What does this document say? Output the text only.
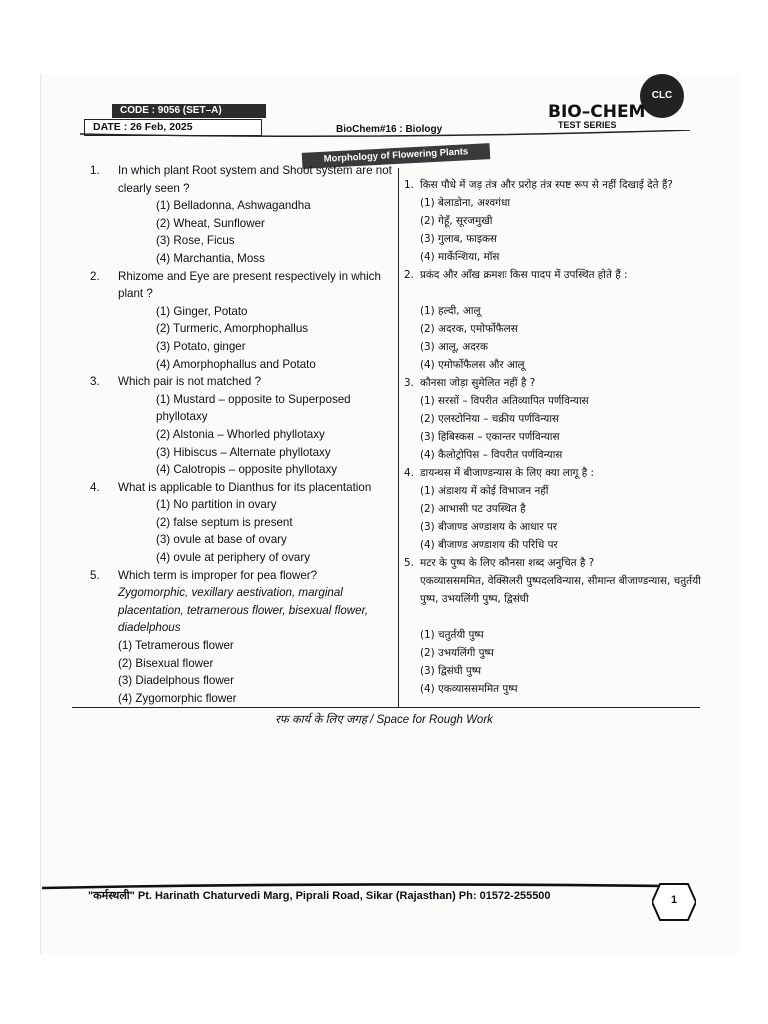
CODE : 9056 (SET–A)
DATE : 26 Feb, 2025	BioChem#16 : Biology
CLC
BIO–CHEM
TEST SERIES
Morphology of Flowering Plants
1. In which plant Root system and Shoot system are not clearly seen ?
(1) Belladonna, Ashwagandha
(2) Wheat, Sunflower
(3) Rose, Ficus
(4) Marchantia, Moss
2. Rhizome and Eye are present respectively in which plant ?
(1) Ginger, Potato
(2) Turmeric, Amorphophallus
(3) Potato, ginger
(4) Amorphophallus and Potato
3. Which pair is not matched ?
(1) Mustard – opposite to Superposed phyllotaxy
(2) Alstonia – Whorled phyllotaxy
(3) Hibiscus – Alternate phyllotaxy
(4) Calotropis – opposite phyllotaxy
4. What is applicable to Dianthus for its placentation
(1) No partition in ovary
(2) false septum is present
(3) ovule at base of ovary
(4) ovule at periphery of ovary
5. Which term is improper for pea flower?
Zygomorphic, vexillary aestivation, marginal placentation, tetramerous flower, bisexual flower, diadelphous
(1) Tetramerous flower
(2) Bisexual flower
(3) Diadelphous flower
(4) Zygomorphic flower
1. किस पौधे में जड़ तंत्र और प्ररोह तंत्र स्पष्ट रूप से नहीं दिखाई देते हैं?
(1) बेलाडोना, अश्वगंधा
(2) गेहूँ, सूरजमुखी
(3) गुलाब, फाइकस
(4) मार्केन्शिया, मॉस
2. प्रकंद और आँख क्रमशः किस पादप में उपस्थित होते हैं :
(1) हल्दी, आलू
(2) अदरक, एमोर्फोफैलस
(3) आलू, अदरक
(4) एमोर्फोफैलस और आलू
3. कौनसा जोड़ा सुमेलित नहीं है ?
(1) सरसों – विपरीत अतिव्यापित पर्णविन्यास
(2) एलस्टोनिया – चक्रीय पर्णविन्यास
(3) हिबिस्कस – एकान्तर पर्णविन्यास
(4) कैलोट्रोपिस – विपरीत पर्णविन्यास
4. डायन्थस में बीजाण्डन्यास के लिए क्या लागू है :
(1) अंडाशय में कोई विभाजन नहीं
(2) आभासी पट उपस्थित है
(3) बीजाण्ड अण्डाशय के आधार पर
(4) बीजाण्ड अण्डाशय की परिधि पर
5. मटर के पुष्प के लिए कौनसा शब्द अनुचित है ?
एकव्याससममित, वेक्सिलरी पुष्पदलविन्यास, सीमान्त बीजाण्डन्यास, चतुर्तयी पुष्प, उभयलिंगी पुष्प, द्विसंघी
(1) चतुर्तयी पुष्प
(2) उभयलिंगी पुष्प
(3) द्विसंघी पुष्प
(4) एकव्याससममित पुष्प
रफ कार्य के लिए जगह / Space for Rough Work
"कर्मस्थली" Pt. Harinath Chaturvedi Marg, Piprali Road, Sikar (Rajasthan) Ph: 01572-255500	1
